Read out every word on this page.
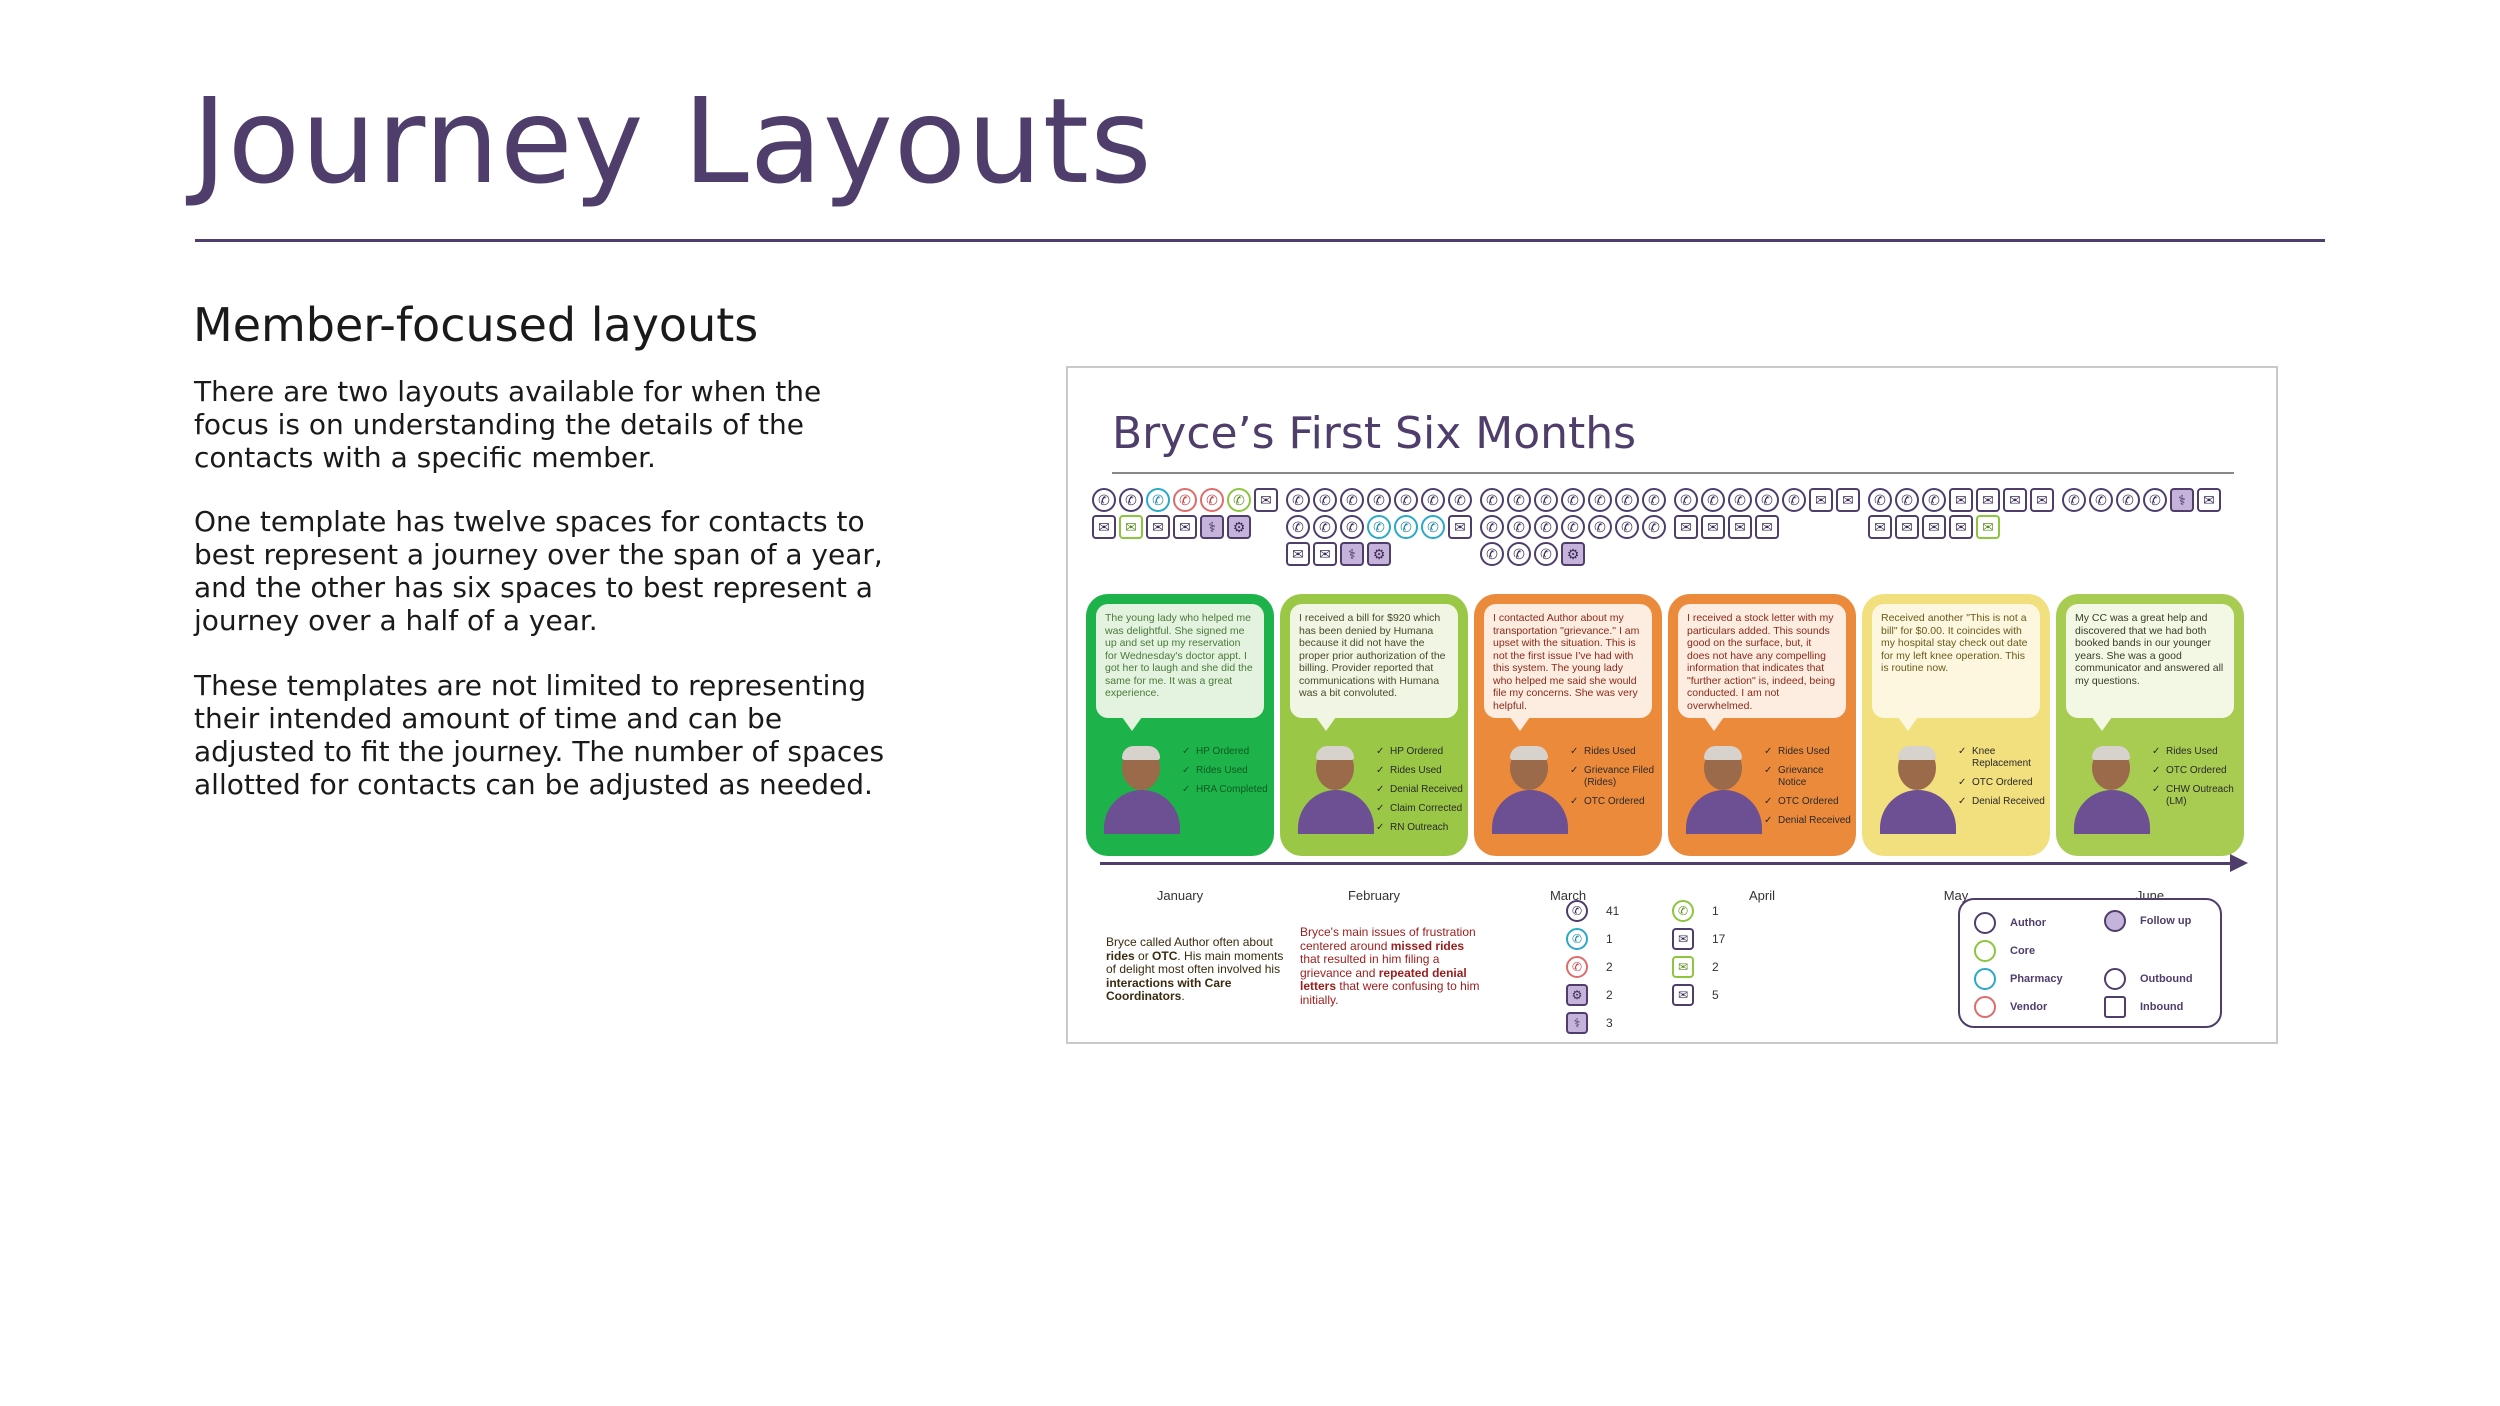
Journey Layouts
Member-focused layouts

There are two layouts available for when the focus is on understanding the details of the contacts with a specific member.

One template has twelve spaces for contacts to best represent a journey over the span of a year, and the other has six spaces to best represent a journey over a half of a year.

These templates are not limited to representing their intended amount of time and can be adjusted to fit the journey. The number of spaces allotted for contacts can be adjusted as needed.

Bryce’s First Six Months
✆	✆	✆	✆	✆	✆	✉
✉	✉	✉	✉	⚕	⚙
The young lady who helped me was delightful. She signed me up and set up my reservation for Wednesday's doctor appt. I got her to laugh and she did the same for me. It was a great experience.
✓ HP Ordered
✓ Rides Used
✓ HRA Completed
January
✆	✆	✆	✆	✆	✆	✆
✆	✆	✆	✆	✆	✆	✉
✉	✉	⚕	⚙
I received a bill for $920 which has been denied by Humana because it did not have the proper prior authorization of the billing. Provider reported that communications with Humana was a bit convoluted.
✓ HP Ordered
✓ Rides Used
✓ Denial Received
✓ Claim Corrected
✓ RN Outreach
February
✆	✆	✆	✆	✆	✆	✆
✆	✆	✆	✆	✆	✆	✆
✆	✆	✆	⚙
I contacted Author about my transportation "grievance." I am upset with the situation. This is not the first issue I've had with this system. The young lady who helped me said she would file my concerns. She was very helpful.
✓ Rides Used
✓ Grievance Filed (Rides)
✓ OTC Ordered
March
✆	✆	✆	✆	✆	✉	✉
✉	✉	✉	✉
I received a stock letter with my particulars added. This sounds good on the surface, but, it does not have any compelling information that indicates that "further action" is, indeed, being conducted. I am not overwhelmed.
✓ Rides Used
✓ Grievance Notice
✓ OTC Ordered
✓ Denial Received
April
✆	✆	✆	✉	✉	✉	✉
✉	✉	✉	✉	✉
Received another "This is not a bill" for $0.00. It coincides with my hospital stay check out date for my left knee operation. This is routine now.
✓ Knee Replacement
✓ OTC Ordered
✓ Denial Received
May
✆	✆	✆	✆	⚕	✉
My CC was a great help and discovered that we had both booked bands in our younger years. She was a good communicator and answered all my questions.
✓ Rides Used
✓ OTC Ordered
✓ CHW Outreach (LM)
June

Bryce called Author often about rides or OTC. His main moments of delight most often involved his interactions with Care Coordinators.

Bryce's main issues of frustration centered around missed rides that resulted in him filing a grievance and repeated denial letters that were confusing to him initially.

✆	41
✆	1
✆	2
⚙	2
⚕	3
✆	1
✉	17
✉	2
✉	5
Author
Core
Pharmacy
Vendor
Follow up
Outbound
Inbound
